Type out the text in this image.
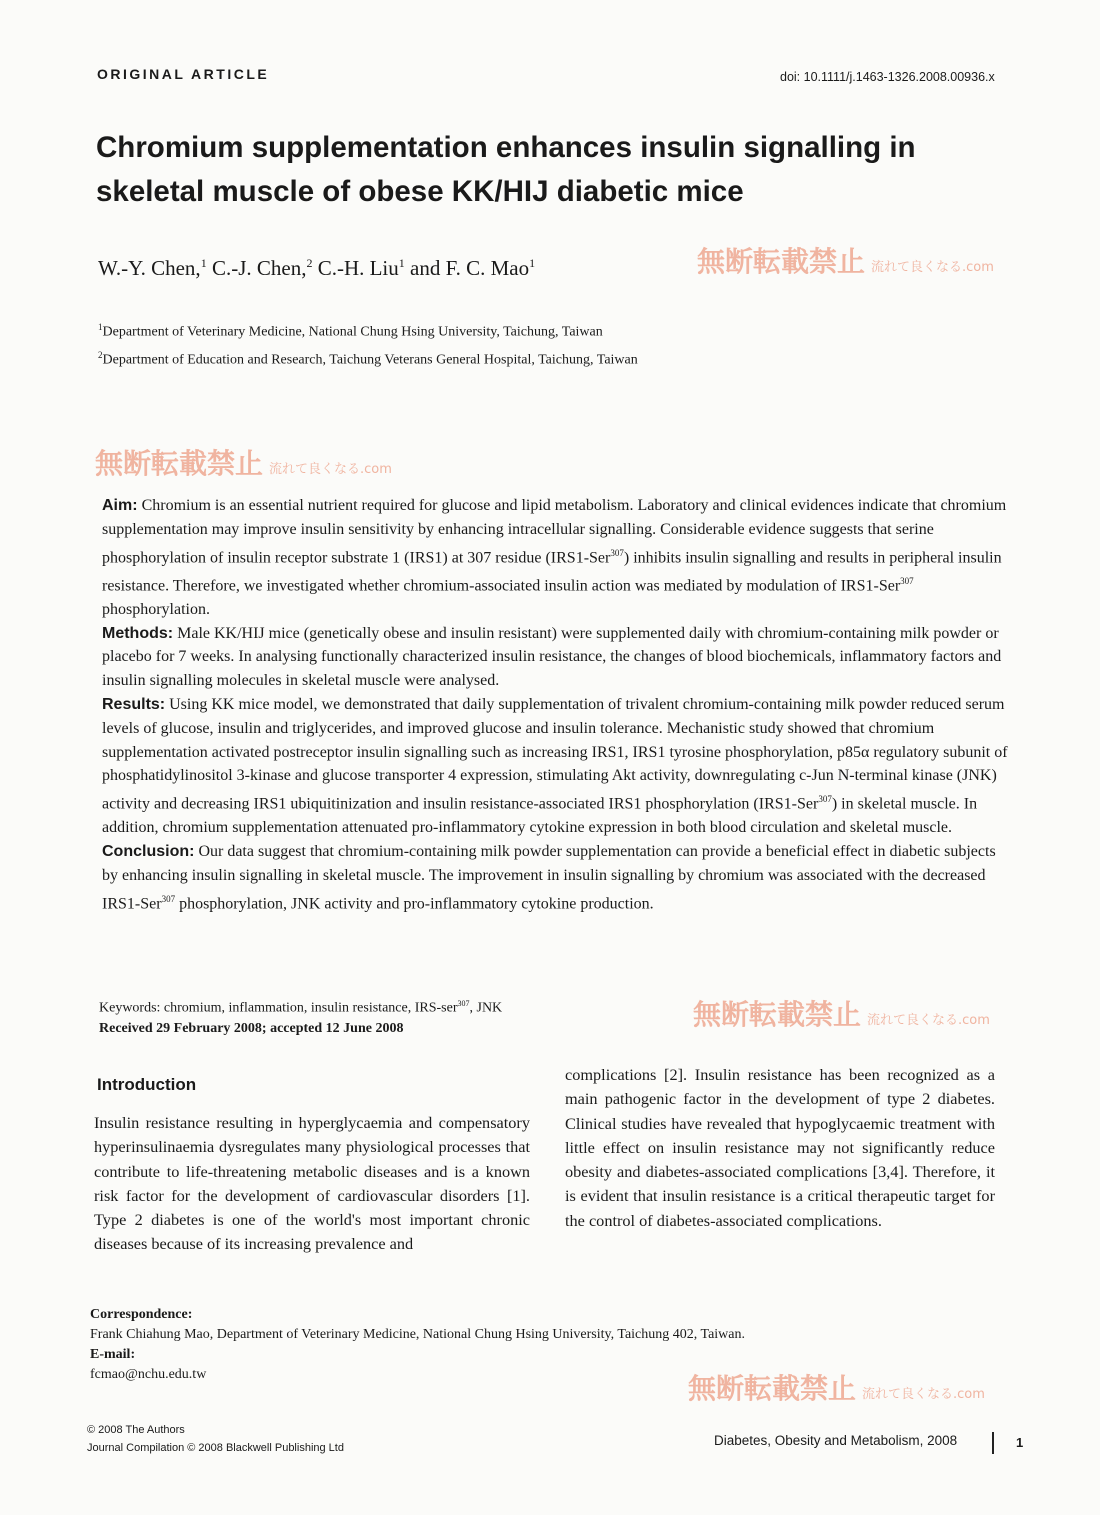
ORIGINAL ARTICLE	doi: 10.1111/j.1463-1326.2008.00936.x
Chromium supplementation enhances insulin signalling in
skeletal muscle of obese KK/HIJ diabetic mice
W.-Y. Chen,$^1$ C.-J. Chen,$^2$ C.-H. Liu$^1$ and F. C. Mao$^1$
$^1$Department of Veterinary Medicine, National Chung Hsing University, Taichung, Taiwan
$^2$Department of Education and Research, Taichung Veterans General Hospital, Taichung, Taiwan
無断転載禁止 流れて良くなる.com
無断転載禁止 流れて良くなる.com
無断転載禁止 流れて良くなる.com
無断転載禁止 流れて良くなる.com

Aim: Chromium is an essential nutrient required for glucose and lipid metabolism. Laboratory and clinical evidences indicate that chromium supplementation may improve insulin sensitivity by enhancing intracellular signalling. Considerable evidence suggests that serine phosphorylation of insulin receptor substrate 1 (IRS1) at 307 residue (IRS1-Ser$^{307}$) inhibits insulin signalling and results in peripheral insulin resistance. Therefore, we investigated whether chromium-associated insulin action was mediated by modulation of IRS1-Ser$^{307}$ phosphorylation.

Methods: Male KK/HIJ mice (genetically obese and insulin resistant) were supplemented daily with chromium-containing milk powder or placebo for 7 weeks. In analysing functionally characterized insulin resistance, the changes of blood biochemicals, inflammatory factors and insulin signalling molecules in skeletal muscle were analysed.

Results: Using KK mice model, we demonstrated that daily supplementation of trivalent chromium-containing milk powder reduced serum levels of glucose, insulin and triglycerides, and improved glucose and insulin tolerance. Mechanistic study showed that chromium supplementation activated postreceptor insulin signalling such as increasing IRS1, IRS1 tyrosine phosphorylation, p85α regulatory subunit of phosphatidylinositol 3-kinase and glucose transporter 4 expression, stimulating Akt activity, downregulating c-Jun N-terminal kinase (JNK) activity and decreasing IRS1 ubiquitinization and insulin resistance-associated IRS1 phosphorylation (IRS1-Ser$^{307}$) in skeletal muscle. In addition, chromium supplementation attenuated pro-inflammatory cytokine expression in both blood circulation and skeletal muscle.

Conclusion: Our data suggest that chromium-containing milk powder supplementation can provide a beneficial effect in diabetic subjects by enhancing insulin signalling in skeletal muscle. The improvement in insulin signalling by chromium was associated with the decreased IRS1-Ser$^{307}$ phosphorylation, JNK activity and pro-inflammatory cytokine production.

Keywords: chromium, inflammation, insulin resistance, IRS-ser$^{307}$, JNK
Received 29 February 2008; accepted 12 June 2008
Introduction
Insulin resistance resulting in hyperglycaemia and compensatory hyperinsulinaemia dysregulates many physiological processes that contribute to life-threatening metabolic diseases and is a known risk factor for the development of cardiovascular disorders [1]. Type 2 diabetes is one of the world's most important chronic diseases because of its increasing prevalence and
complications [2]. Insulin resistance has been recognized as a main pathogenic factor in the development of type 2 diabetes. Clinical studies have revealed that hypoglycaemic treatment with little effect on insulin resistance may not significantly reduce obesity and diabetes-associated complications [3,4]. Therefore, it is evident that insulin resistance is a critical therapeutic target for the control of diabetes-associated complications.
Correspondence:
Frank Chiahung Mao, Department of Veterinary Medicine, National Chung Hsing University, Taichung 402, Taiwan.
E-mail:
fcmao@nchu.edu.tw
© 2008 The Authors
Journal Compilation © 2008 Blackwell Publishing Ltd	Diabetes, Obesity and Metabolism, 2008	1
